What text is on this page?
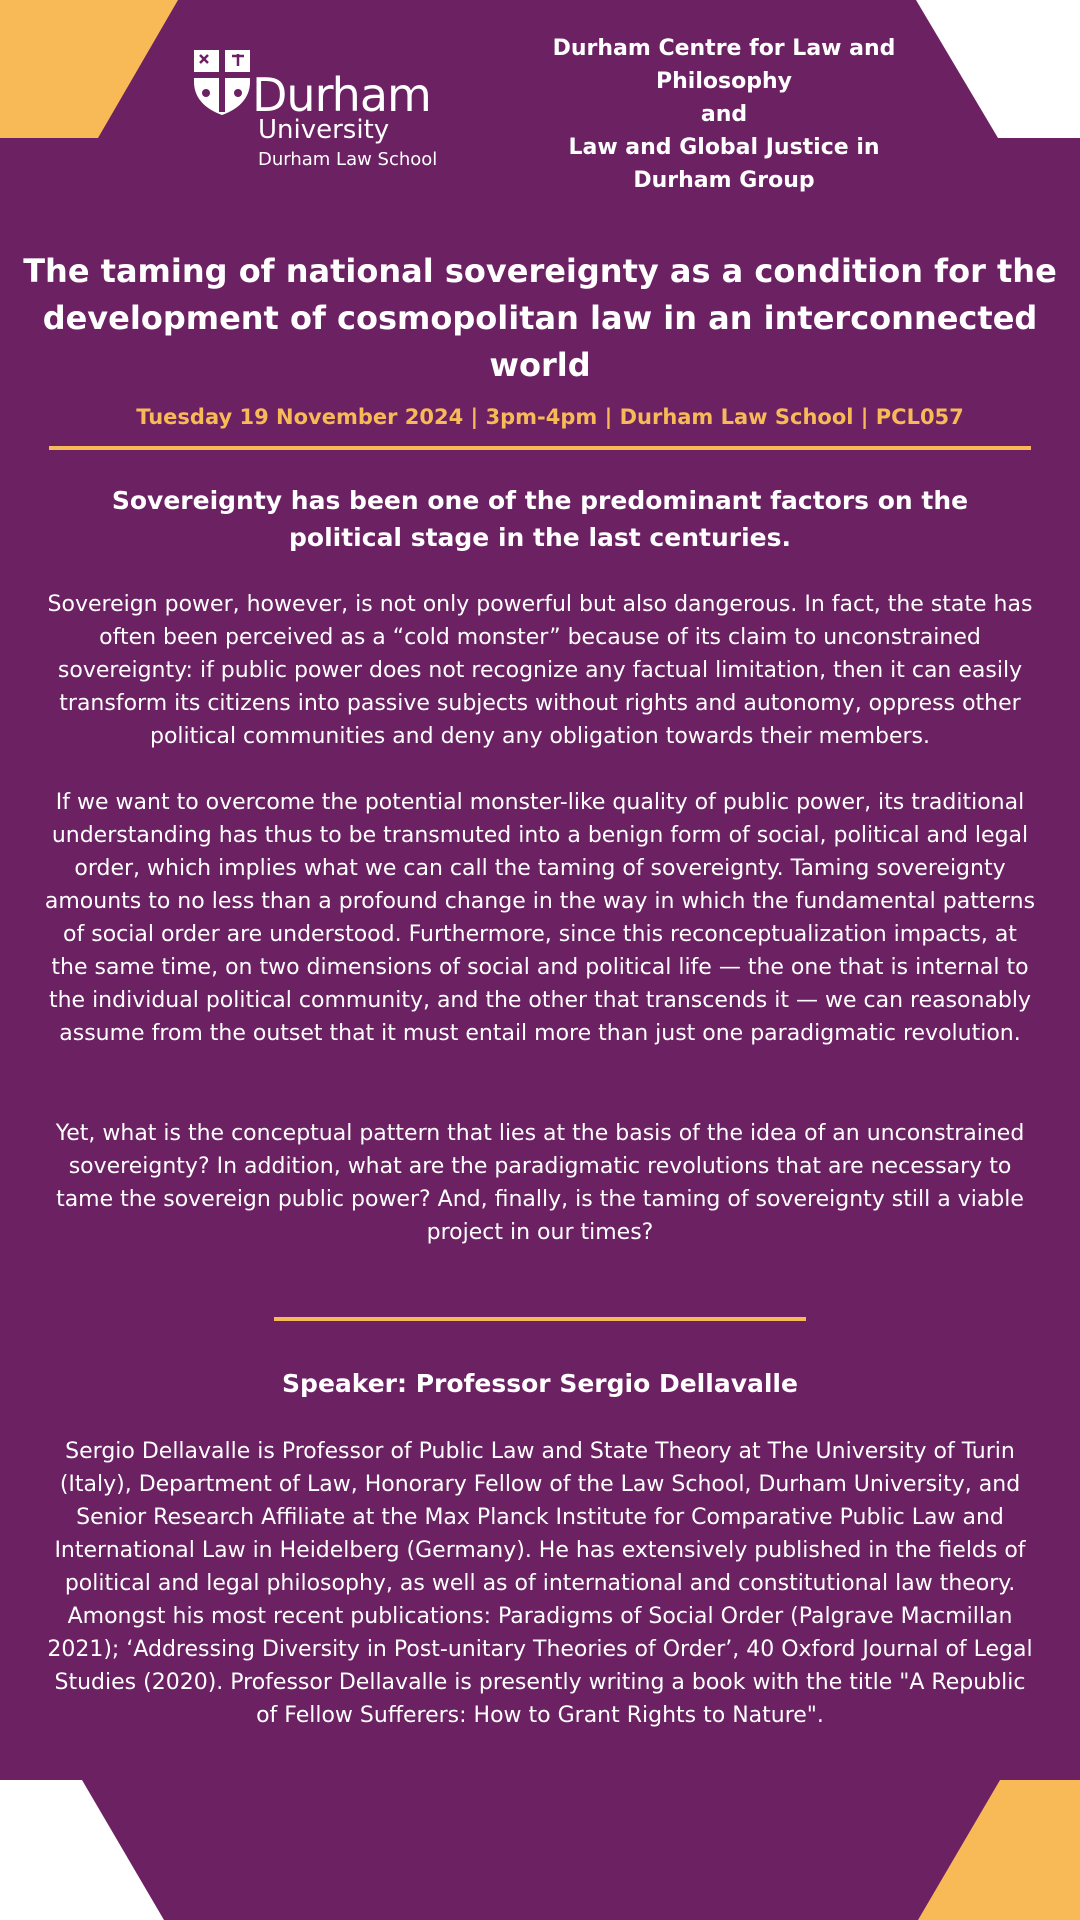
Durham
University
Durham Law School
Durham Centre for Law and
Philosophy
and
Law and Global Justice in
Durham Group
The taming of national sovereignty as a condition for the development of cosmopolitan law in an interconnected world
Tuesday 19 November 2024 | 3pm-4pm | Durham Law School | PCL057
Sovereignty has been one of the predominant factors on the political stage in the last centuries.
Sovereign power, however, is not only powerful but also dangerous. In fact, the state has often been perceived as a “cold monster” because of its claim to unconstrained sovereignty: if public power does not recognize any factual limitation, then it can easily transform its citizens into passive subjects without rights and autonomy, oppress other political communities and deny any obligation towards their members.
If we want to overcome the potential monster-like quality of public power, its traditional understanding has thus to be transmuted into a benign form of social, political and legal order, which implies what we can call the taming of sovereignty. Taming sovereignty amounts to no less than a profound change in the way in which the fundamental patterns of social order are understood. Furthermore, since this reconceptualization impacts, at the same time, on two dimensions of social and political life — the one that is internal to the individual political community, and the other that transcends it — we can reasonably assume from the outset that it must entail more than just one paradigmatic revolution.
Yet, what is the conceptual pattern that lies at the basis of the idea of an unconstrained sovereignty? In addition, what are the paradigmatic revolutions that are necessary to tame the sovereign public power? And, finally, is the taming of sovereignty still a viable project in our times?
Speaker: Professor Sergio Dellavalle
Sergio Dellavalle is Professor of Public Law and State Theory at The University of Turin (Italy), Department of Law, Honorary Fellow of the Law School, Durham University, and Senior Research Affiliate at the Max Planck Institute for Comparative Public Law and International Law in Heidelberg (Germany). He has extensively published in the fields of political and legal philosophy, as well as of international and constitutional law theory. Amongst his most recent publications: Paradigms of Social Order (Palgrave Macmillan 2021); ‘Addressing Diversity in Post-unitary Theories of Order’, 40 Oxford Journal of Legal Studies (2020). Professor Dellavalle is presently writing a book with the title "A Republic of Fellow Sufferers: How to Grant Rights to Nature".
